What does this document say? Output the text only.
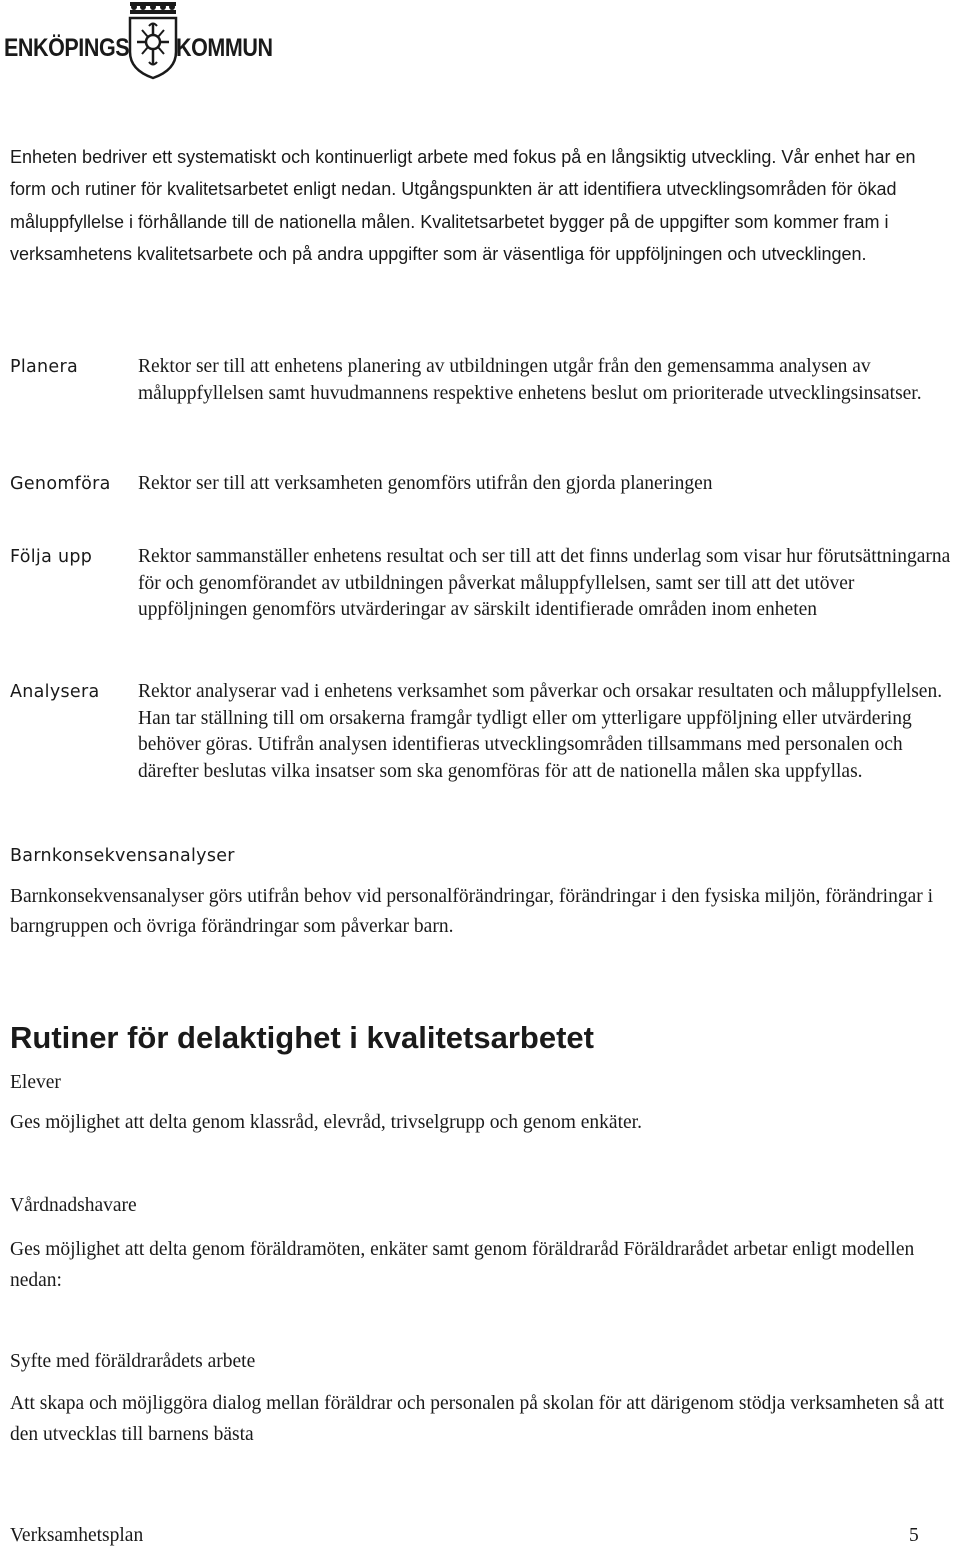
ENKÖPINGS KOMMUN

Enheten bedriver ett systematiskt och kontinuerligt arbete med fokus på en långsiktig utveckling. Vår enhet har en form och rutiner för kvalitetsarbetet enligt nedan. Utgångspunkten är att identifiera utvecklingsområden för ökad måluppfyllelse i förhållande till de nationella målen. Kvalitetsarbetet bygger på de uppgifter som kommer fram i verksamhetens kvalitetsarbete och på andra uppgifter som är väsentliga för uppföljningen och utvecklingen.

Planera	Rektor ser till att enhetens planering av utbildningen utgår från den gemensamma analysen av måluppfyllelsen samt huvudmannens respektive enhetens beslut om prioriterade utvecklingsinsatser.

Genomföra Rektor ser till att verksamheten genomförs utifrån den gjorda planeringen

Följa upp Rektor sammanställer enhetens resultat och ser till att det finns underlag som visar hur förutsättningarna för och genomförandet av utbildningen påverkat måluppfyllelsen, samt ser till att det utöver uppföljningen genomförs utvärderingar av särskilt identifierade områden inom enheten

Analysera Rektor analyserar vad i enhetens verksamhet som påverkar och orsakar resultaten och måluppfyllelsen. Han tar ställning till om orsakerna framgår tydligt eller om ytterligare uppföljning eller utvärdering behöver göras. Utifrån analysen identifieras utvecklingsområden tillsammans med personalen och därefter beslutas vilka insatser som ska genomföras för att de nationella målen ska uppfyllas.

Barnkonsekvensanalyser

Barnkonsekvensanalyser görs utifrån behov vid personalförändringar, förändringar i den fysiska miljön, förändringar i barngruppen och övriga förändringar som påverkar barn.

Rutiner för delaktighet i kvalitetsarbetet

Elever

Ges möjlighet att delta genom klassråd, elevråd, trivselgrupp och genom enkäter.

Vårdnadshavare

Ges möjlighet att delta genom föräldramöten, enkäter samt genom föräldraråd Föräldrarådet arbetar enligt modellen nedan:

Syfte med föräldrarådets arbete

Att skapa och möjliggöra dialog mellan föräldrar och personalen på skolan för att därigenom stödja verksamheten så att den utvecklas till barnens bästa

Verksamhetsplan	5
